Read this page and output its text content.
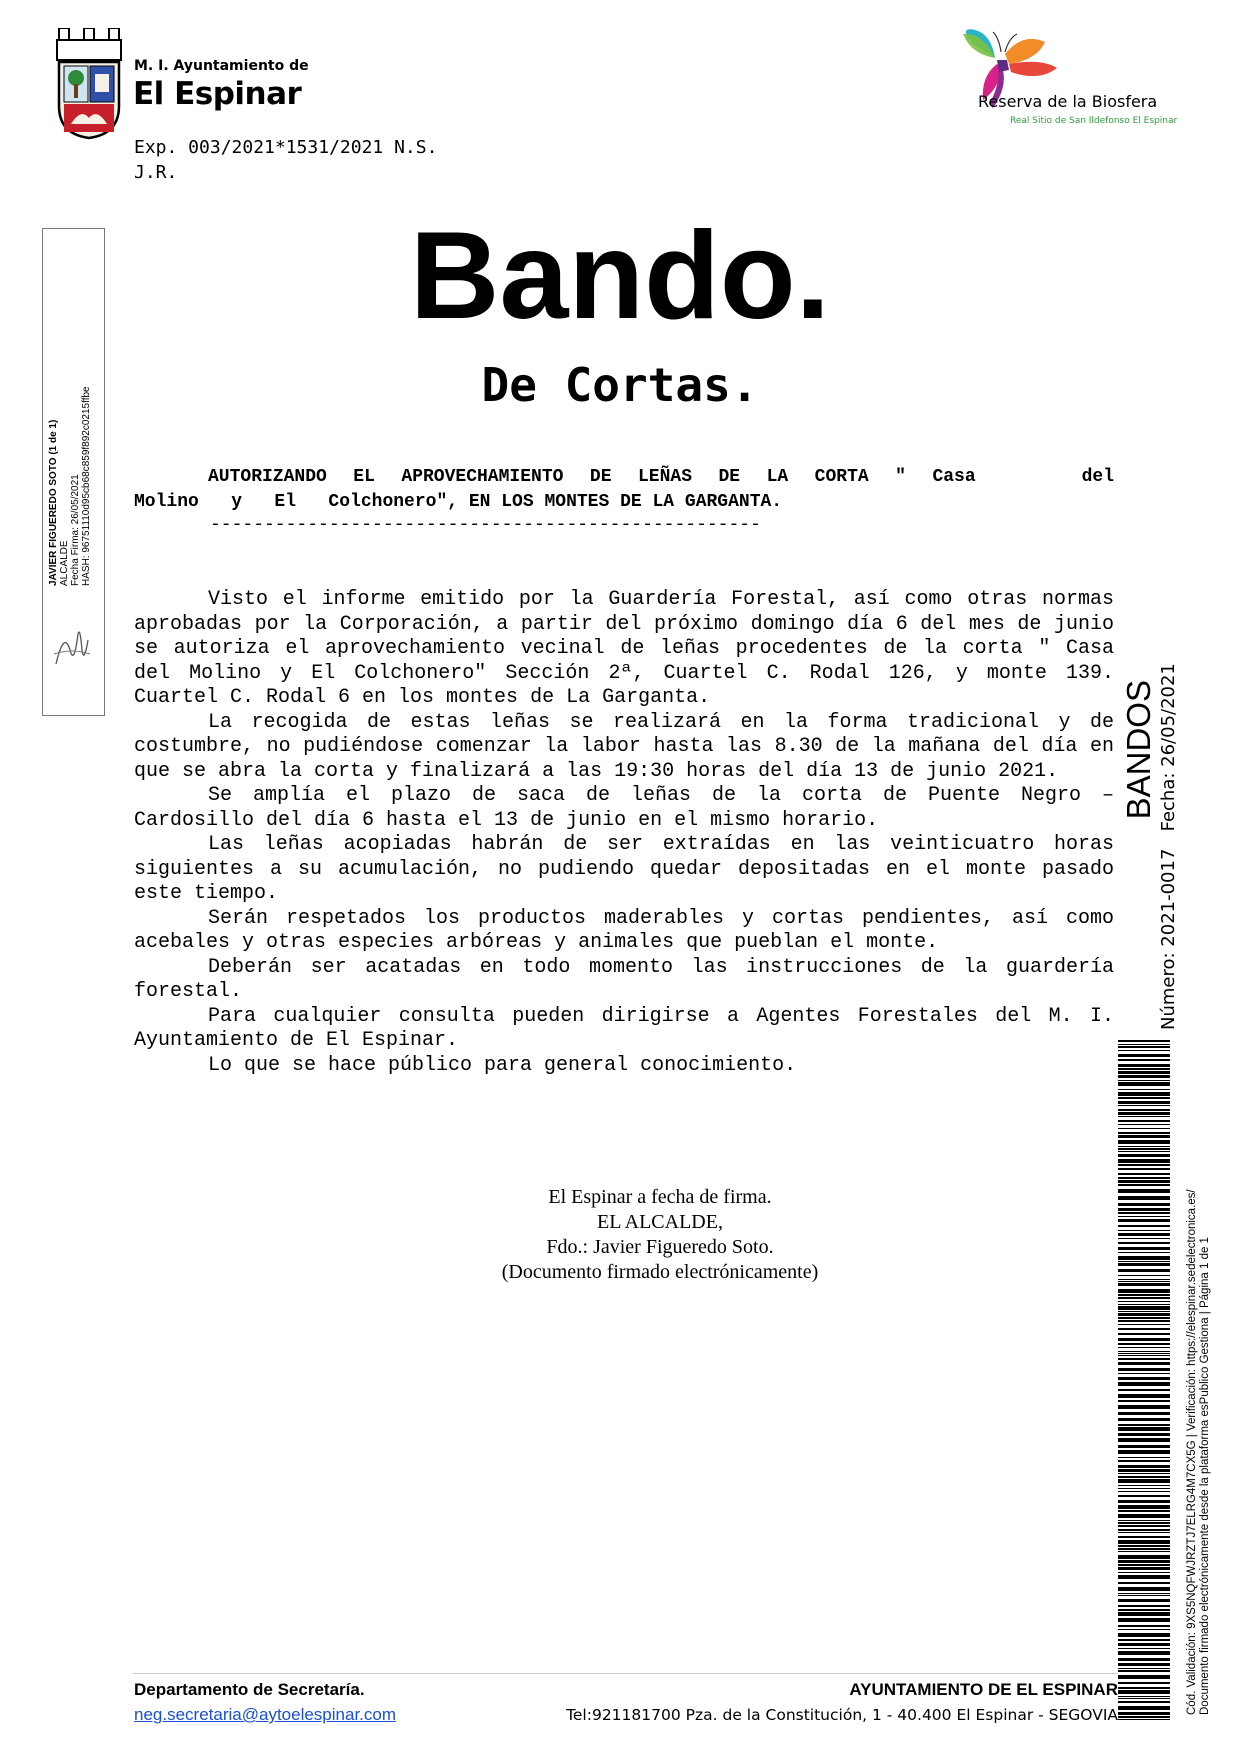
M. I. Ayuntamiento de
El Espinar	Reserva de la Biosfera
Real Sitio de San Ildefonso El Espinar
Exp. 003/2021*1531/2021 N.S.
J.R.
Bando.
De Cortas.
AUTORIZANDO EL APROVECHAMIENTO DE LEÑAS DE LA CORTA " Casa    del
Molino   y   El   Colchonero", EN LOS MONTES DE LA GARGANTA.
---------------------------------------------------

Visto el informe emitido por la Guardería Forestal, así como otras normas aprobadas por la Corporación, a partir del próximo domingo día 6 del mes de junio se autoriza el aprovechamiento vecinal de leñas procedentes de la corta " Casa del Molino y El Colchonero" Sección 2ª, Cuartel C. Rodal 126, y monte 139. Cuartel C. Rodal 6 en los montes de La Garganta.

La recogida de estas leñas se realizará en la forma tradicional y de costumbre, no pudiéndose comenzar la labor hasta las 8.30 de la mañana del día en que se abra la corta y finalizará a las 19:30 horas del día 13 de junio 2021.

Se amplía el plazo de saca de leñas de la corta de Puente Negro – Cardosillo del día 6 hasta el 13 de junio en el mismo horario.

Las leñas acopiadas habrán de ser extraídas en las veinticuatro horas siguientes a su acumulación, no pudiendo quedar depositadas en el monte pasado este tiempo.

Serán respetados los productos maderables y cortas pendientes, así como acebales y otras especies arbóreas y animales que pueblan el monte.

Deberán ser acatadas en todo momento las instrucciones de la guardería forestal.

Para cualquier consulta pueden dirigirse a Agentes Forestales del M. I. Ayuntamiento de El Espinar.

Lo que se hace público para general conocimiento.

El Espinar a fecha de firma.
EL ALCALDE,
Fdo.: Javier Figueredo Soto.
(Documento firmado electrónicamente)
JAVIER FIGUEREDO SOTO (1 de 1) ALCALDE Fecha Firma: 26/05/2021 HASH: 96751110d95cb68c859f892c0215ffbe
BANDOS
Número: 2021-0017   Fecha: 26/05/2021
Cód. Validación: 9XS5NQFWJRZTJ7ELRG4M7CX5G | Verificación: https://elespinar.sedelectronica.es/ Documento firmado electrónicamente desde la plataforma esPublico Gestiona | Página 1 de 1
Departamento de Secretaría.
neg.secretaria@aytoelespinar.com
AYUNTAMIENTO DE EL ESPINAR
Tel:921181700 Pza. de la Constitución, 1 - 40.400 El Espinar - SEGOVIA
